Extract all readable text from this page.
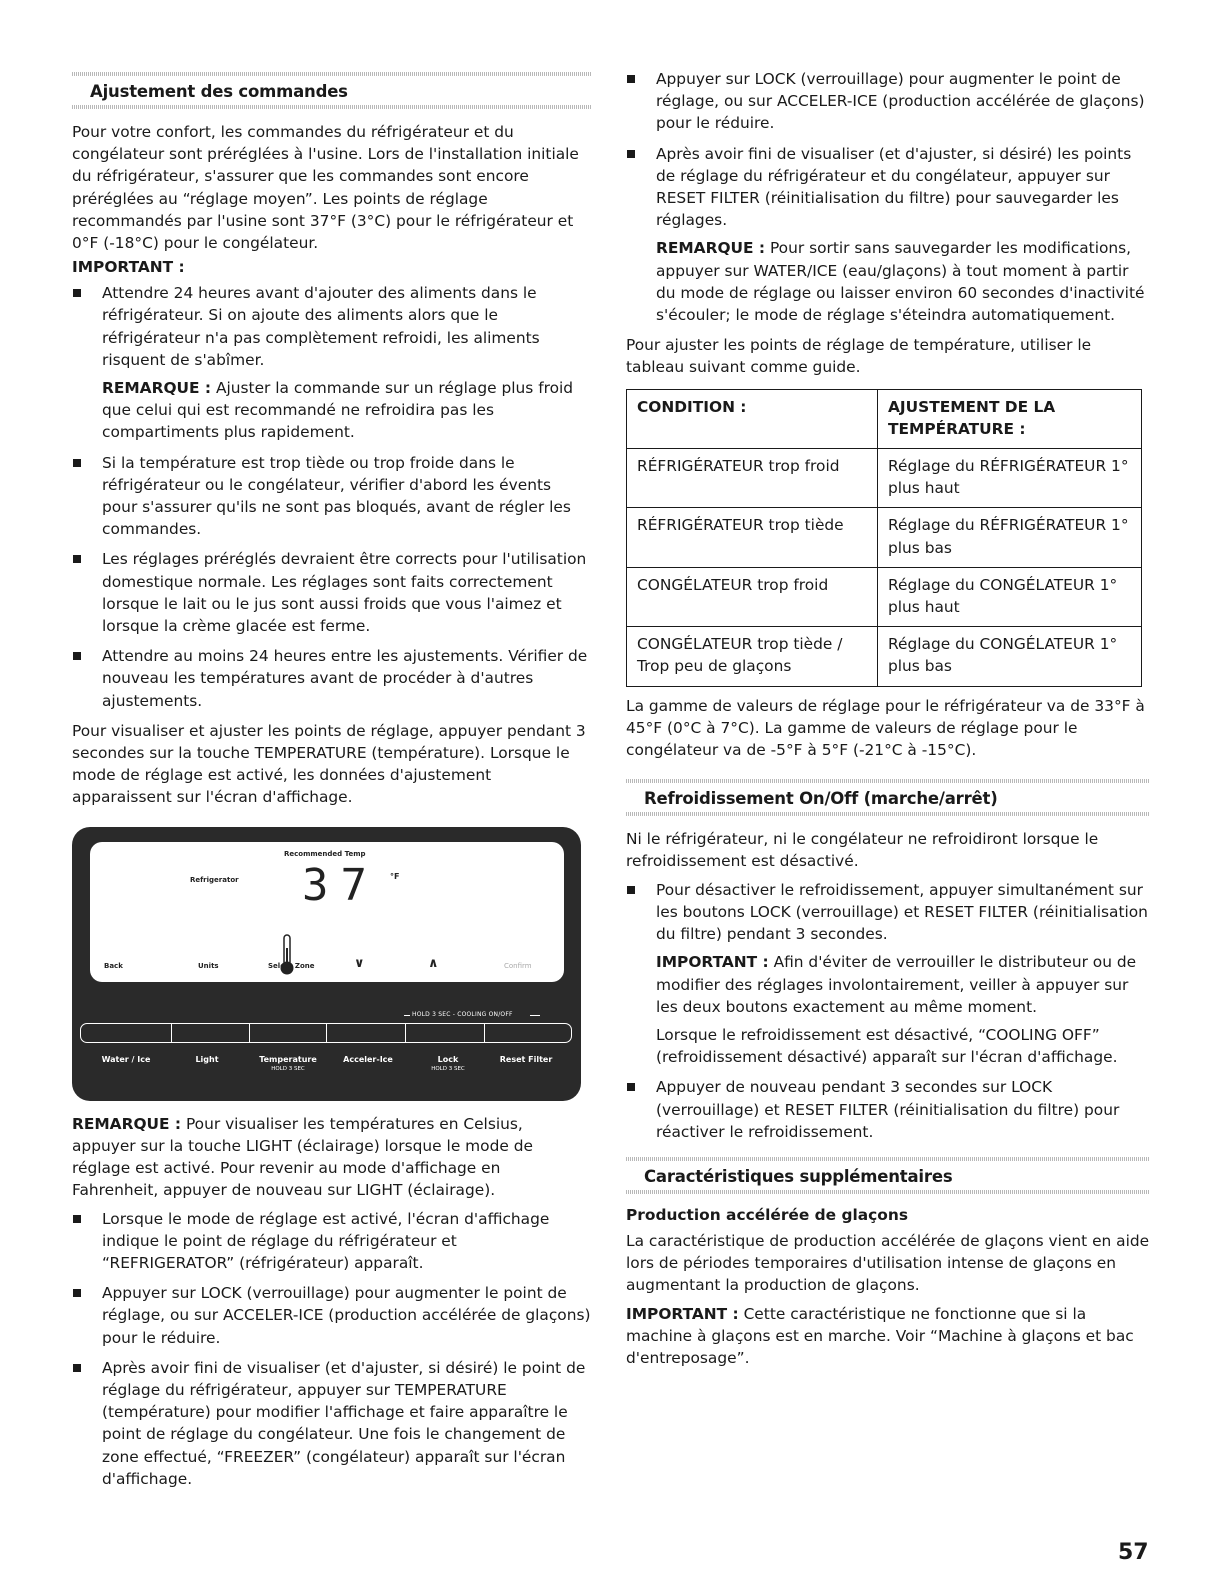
Ajustement des commandes

Pour votre confort, les commandes du réfrigérateur et du congélateur sont préréglées à l'usine. Lors de l'installation initiale du réfrigérateur, s'assurer que les commandes sont encore préréglées au “réglage moyen”. Les points de réglage recommandés par l'usine sont 37°F (3°C) pour le réfrigérateur et 0°F (-18°C) pour le congélateur.

IMPORTANT :
Attendre 24 heures avant d'ajouter des aliments dans le réfrigérateur. Si on ajoute des aliments alors que le réfrigérateur n'a pas complètement refroidi, les aliments risquent de s'abîmer.

REMARQUE : Ajuster la commande sur un réglage plus froid que celui qui est recommandé ne refroidira pas les compartiments plus rapidement.

Si la température est trop tiède ou trop froide dans le réfrigérateur ou le congélateur, vérifier d'abord les évents pour s'assurer qu'ils ne sont pas bloqués, avant de régler les commandes.
Les réglages préréglés devraient être corrects pour l'utilisation domestique normale. Les réglages sont faits correctement lorsque le lait ou le jus sont aussi froids que vous l'aimez et lorsque la crème glacée est ferme.
Attendre au moins 24 heures entre les ajustements. Vérifier de nouveau les températures avant de procéder à d'autres ajustements.

Pour visualiser et ajuster les points de réglage, appuyer pendant 3 secondes sur la touche TEMPERATURE (température). Lorsque le mode de réglage est activé, les données d'ajustement apparaissent sur l'écran d'affichage.

Recommended Temp
Refrigerator 37 °F
Back	Units	Select Zone	∨	∧	Confirm
HOLD 3 SEC - COOLING ON/OFF
Water / Ice	Light	Temperature
HOLD 3 SEC
Acceler-Ice	Lock
HOLD 3 SEC
Reset Filter

REMARQUE : Pour visualiser les températures en Celsius, appuyer sur la touche LIGHT (éclairage) lorsque le mode de réglage est activé. Pour revenir au mode d'affichage en Fahrenheit, appuyer de nouveau sur LIGHT (éclairage).

Lorsque le mode de réglage est activé, l'écran d'affichage indique le point de réglage du réfrigérateur et “REFRIGERATOR” (réfrigérateur) apparaît.
Appuyer sur LOCK (verrouillage) pour augmenter le point de réglage, ou sur ACCELER-ICE (production accélérée de glaçons) pour le réduire.
Après avoir fini de visualiser (et d'ajuster, si désiré) le point de réglage du réfrigérateur, appuyer sur TEMPERATURE (température) pour modifier l'affichage et faire apparaître le point de réglage du congélateur. Une fois le changement de zone effectué, “FREEZER” (congélateur) apparaît sur l'écran d'affichage.
Appuyer sur LOCK (verrouillage) pour augmenter le point de réglage, ou sur ACCELER-ICE (production accélérée de glaçons) pour le réduire.
Après avoir fini de visualiser (et d'ajuster, si désiré) les points de réglage du réfrigérateur et du congélateur, appuyer sur RESET FILTER (réinitialisation du filtre) pour sauvegarder les réglages.

REMARQUE : Pour sortir sans sauvegarder les modifications, appuyer sur WATER/ICE (eau/glaçons) à tout moment à partir du mode de réglage ou laisser environ 60 secondes d'inactivité s'écouler; le mode de réglage s'éteindra automatiquement.

Pour ajuster les points de réglage de température, utiliser le tableau suivant comme guide.

CONDITION :	AJUSTEMENT DE LA TEMPÉRATURE :
RÉFRIGÉRATEUR trop froid	Réglage du RÉFRIGÉRATEUR 1° plus haut
RÉFRIGÉRATEUR trop tiède	Réglage du RÉFRIGÉRATEUR 1° plus bas
CONGÉLATEUR trop froid	Réglage du CONGÉLATEUR 1° plus haut
CONGÉLATEUR trop tiède /
Trop peu de glaçons	Réglage du CONGÉLATEUR 1° plus bas

La gamme de valeurs de réglage pour le réfrigérateur va de 33°F à 45°F (0°C à 7°C). La gamme de valeurs de réglage pour le congélateur va de -5°F à 5°F (-21°C à -15°C).

Refroidissement On/Off (marche/arrêt)

Ni le réfrigérateur, ni le congélateur ne refroidiront lorsque le refroidissement est désactivé.

Pour désactiver le refroidissement, appuyer simultanément sur les boutons LOCK (verrouillage) et RESET FILTER (réinitialisation du filtre) pendant 3 secondes.

IMPORTANT : Afin d'éviter de verrouiller le distributeur ou de modifier des réglages involontairement, veiller à appuyer sur les deux boutons exactement au même moment.

Lorsque le refroidissement est désactivé, “COOLING OFF” (refroidissement désactivé) apparaît sur l'écran d'affichage.

Appuyer de nouveau pendant 3 secondes sur LOCK (verrouillage) et RESET FILTER (réinitialisation du filtre) pour réactiver le refroidissement.
Caractéristiques supplémentaires
Production accélérée de glaçons

La caractéristique de production accélérée de glaçons vient en aide lors de périodes temporaires d'utilisation intense de glaçons en augmentant la production de glaçons.

IMPORTANT : Cette caractéristique ne fonctionne que si la machine à glaçons est en marche. Voir “Machine à glaçons et bac d'entreposage”.

57
